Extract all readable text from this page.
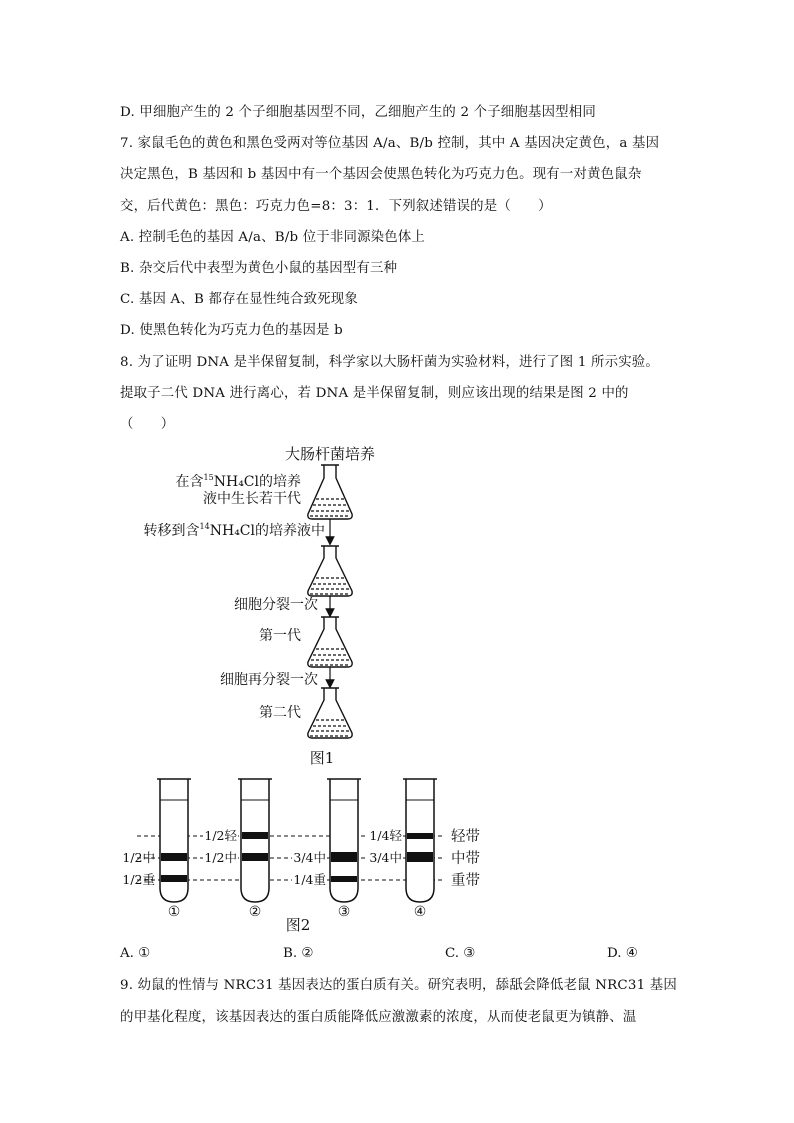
D. 甲细胞产生的 2 个子细胞基因型不同，乙细胞产生的 2 个子细胞基因型相同
7. 家鼠毛色的黄色和黑色受两对等位基因 A/a、B/b 控制，其中 A 基因决定黄色，a 基因
决定黑色，B 基因和 b 基因中有一个基因会使黑色转化为巧克力色。现有一对黄色鼠杂
交，后代黄色：黑色：巧克力色=8：3：1．下列叙述错误的是（　　）
A. 控制毛色的基因 A/a、B/b 位于非同源染色体上
B. 杂交后代中表型为黄色小鼠的基因型有三种
C. 基因 A、B 都存在显性纯合致死现象
D. 使黑色转化为巧克力色的基因是 b
8. 为了证明 DNA 是半保留复制，科学家以大肠杆菌为实验材料，进行了图 1 所示实验。
提取子二代 DNA 进行离心，若 DNA 是半保留复制，则应该出现的结果是图 2 中的
（　　）
大肠杆菌培养
在含$^{15}$NH₄Cl的培养
液中生长若干代
转移到含$^{14}$NH₄Cl的培养液中
细胞分裂一次
第一代
细胞再分裂一次
第二代
图1
1/2中
1/2重
①
1/2轻
1/2中
②
3/4中
1/4重
③
1/4轻
3/4中
④
轻带
中带
重带
图2
A. ①	B. ②	C. ③	D. ④
9. 幼鼠的性情与 NRC31 基因表达的蛋白质有关。研究表明，舔舐会降低老鼠 NRC31 基因
的甲基化程度，该基因表达的蛋白质能降低应激激素的浓度，从而使老鼠更为镇静、温
